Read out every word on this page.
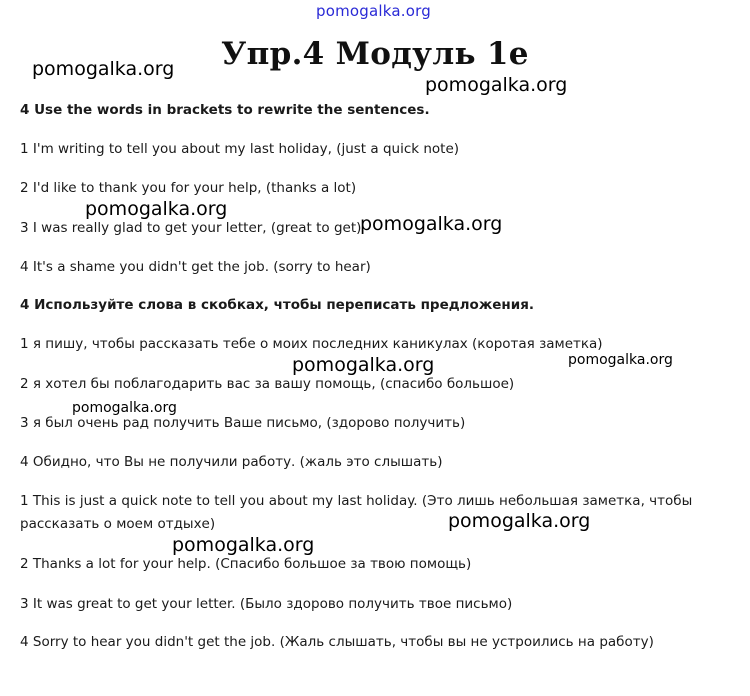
pomogalka.org
Упр.4 Модуль 1е
4 Use the words in brackets to rewrite the sentences.
1 I'm writing to tell you about my last holiday, (just a quick note)
2 I'd like to thank you for your help, (thanks a lot)
3 I was really glad to get your letter, (great to get)
4 It's a shame you didn't get the job. (sorry to hear)
4 Используйте слова в скобках, чтобы переписать предложения.
1 я пишу, чтобы рассказать тебе о моих последних каникулах (коротая заметка)
2 я хотел бы поблагодарить вас за вашу помощь, (спасибо большое)
3 я был очень рад получить Ваше письмо, (здорово получить)
4 Обидно, что Вы не получили работу. (жаль это слышать)
1 This is just a quick note to tell you about my last holiday. (Это лишь небольшая заметка, чтобы
рассказать о моем отдыхе)
2 Thanks a lot for your help. (Спасибо большое за твою помощь)
3 It was great to get your letter. (Было здорово получить твое письмо)
4 Sorry to hear you didn't get the job. (Жаль слышать, чтобы вы не устроились на работу)
pomogalka.org
pomogalka.org
pomogalka.org
pomogalka.org
pomogalka.org	pomogalka.org
pomogalka.org
pomogalka.org
pomogalka.org
